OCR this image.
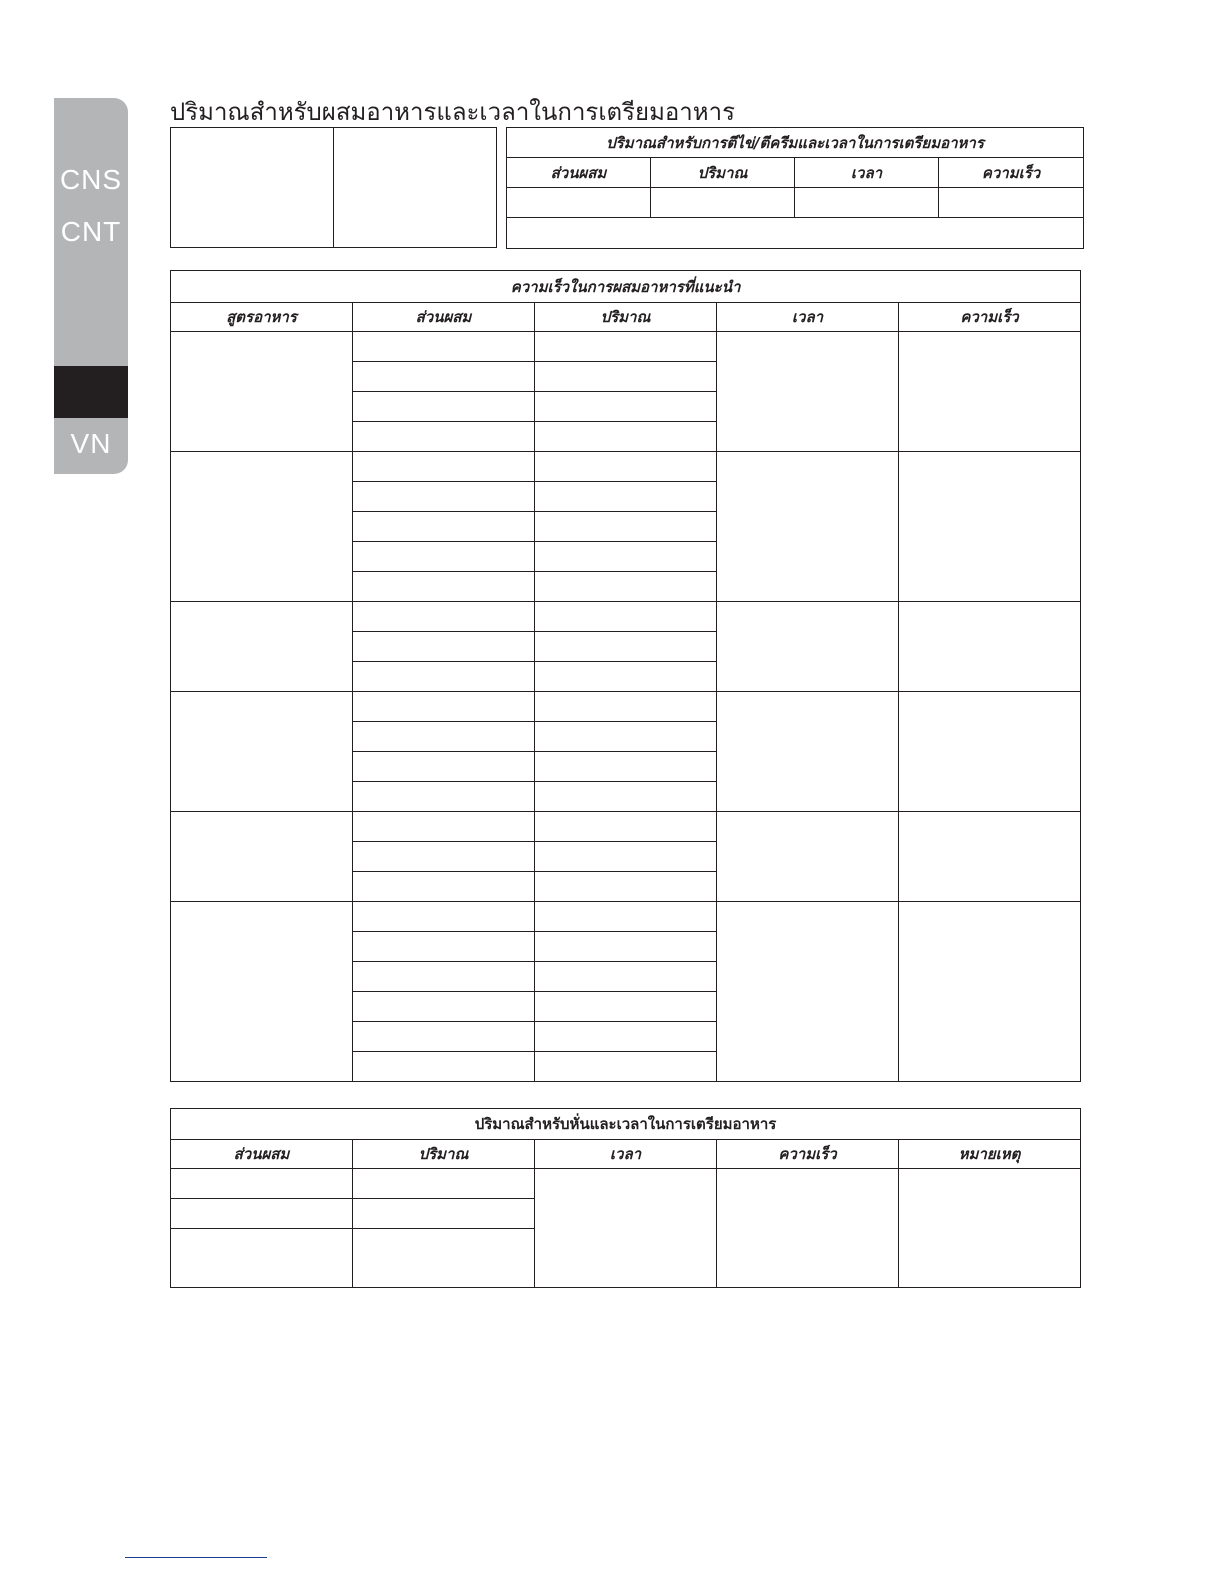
CNS
CNT
VN
ปริมาณสำหรับผสมอาหารและเวลาในการเตรียมอาหาร
ปริมาณสำหรับการตีไข่/ตีครีมและเวลาในการเตรียมอาหาร			
ส่วนผสม	ปริมาณ	เวลา	ความเร็ว

ความเร็วในการผสมอาหารที่แนะนำ				
สูตรอาหาร	ส่วนผสม	ปริมาณ	เวลา	ความเร็ว

ปริมาณสำหรับหั่นและเวลาในการเตรียมอาหาร				
ส่วนผสม	ปริมาณ	เวลา	ความเร็ว	หมายเหตุ
